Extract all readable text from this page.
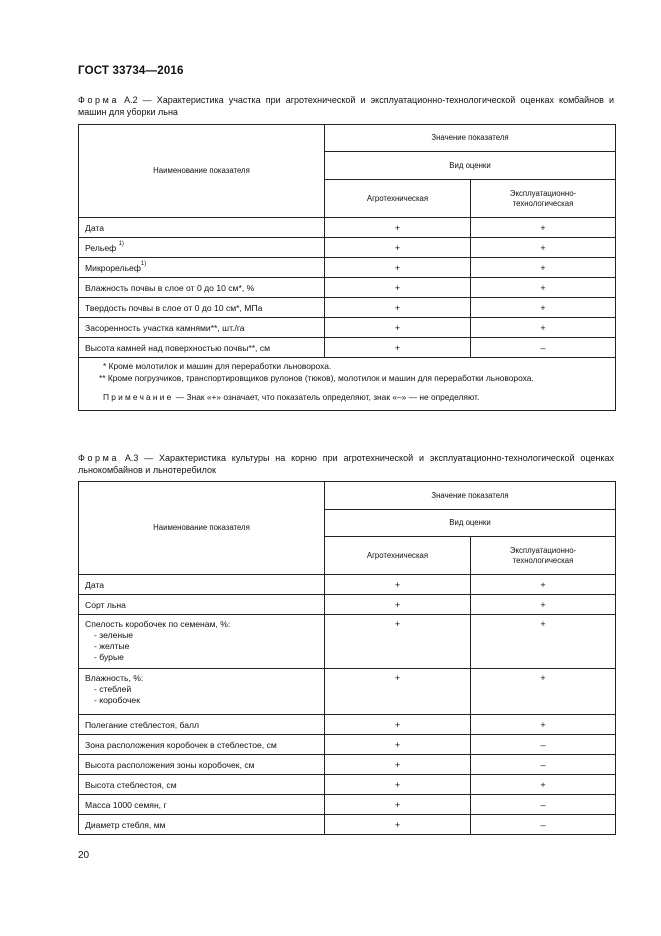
ГОСТ 33734—2016
Форма А.2 — Характеристика участка при агротехнической и эксплуатационно-технологической оценках комбайнов и машин для уборки льна
Наименование показателя	Значение показателя	
	Вид оценки	
	Агротехническая	Эксплуатационно-
технологическая
Дата	+	+
Рельеф $^{1)}$	+	+
Микрорельеф$^{1)}$	+	+
Влажность почвы в слое от 0 до 10 см*, %	+	+
Твердость почвы в слое от 0 до 10 см*, МПа	+	+
Засоренность участка камнями**, шт./га	+	+
Высота камней над поверхностью почвы**, см	+	–

* Кроме молотилок и машин для переработки льновороха.

** Кроме погрузчиков, транспортировщиков рулонов (тюков), молотилок и машин для переработки льновороха.

Примечание — Знак «+» означает, что показатель определяют, знак «–» — не определяют.		

Форма А.3 — Характеристика культуры на корню при агротехнической и эксплуатационно-технологической оценках льнокомбайнов и льнотеребилок
Наименование показателя	Значение показателя	
	Вид оценки	
	Агротехническая	Эксплуатационно-
технологическая
Дата	+	+
Сорт льна	+	+

Спелость коробочек по семенам, %:
- зеленые
- желтые
- бурые	+	+

Влажность, %:
- стеблей
- коробочек	+	+
Полегание стеблестоя, балл	+	+
Зона расположения коробочек в стеблестое, см	+	–
Высота расположения зоны коробочек, см	+	–
Высота стеблестоя, см	+	+
Масса 1000 семян, г	+	–
Диаметр стебля, мм	+	–
20
